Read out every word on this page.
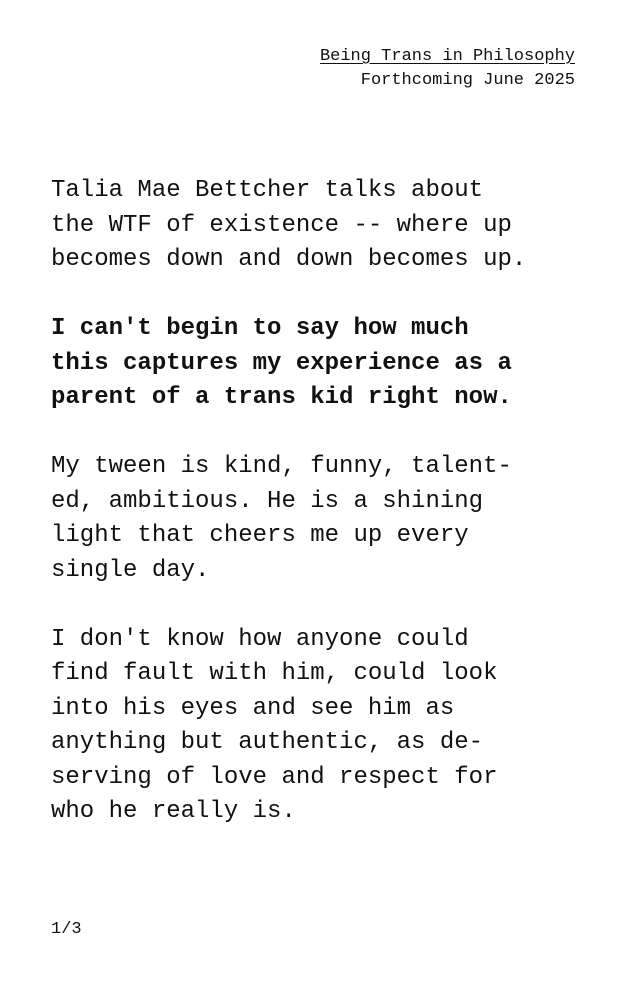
Being Trans in Philosophy
Forthcoming June 2025

Talia Mae Bettcher talks about
the WTF of existence -- where up
becomes down and down becomes up.

I can't begin to say how much
this captures my experience as a
parent of a trans kid right now.

My tween is kind, funny, talent-
ed, ambitious. He is a shining
light that cheers me up every
single day.

I don't know how anyone could
find fault with him, could look
into his eyes and see him as
anything but authentic, as de-
serving of love and respect for
who he really is.

1/3
